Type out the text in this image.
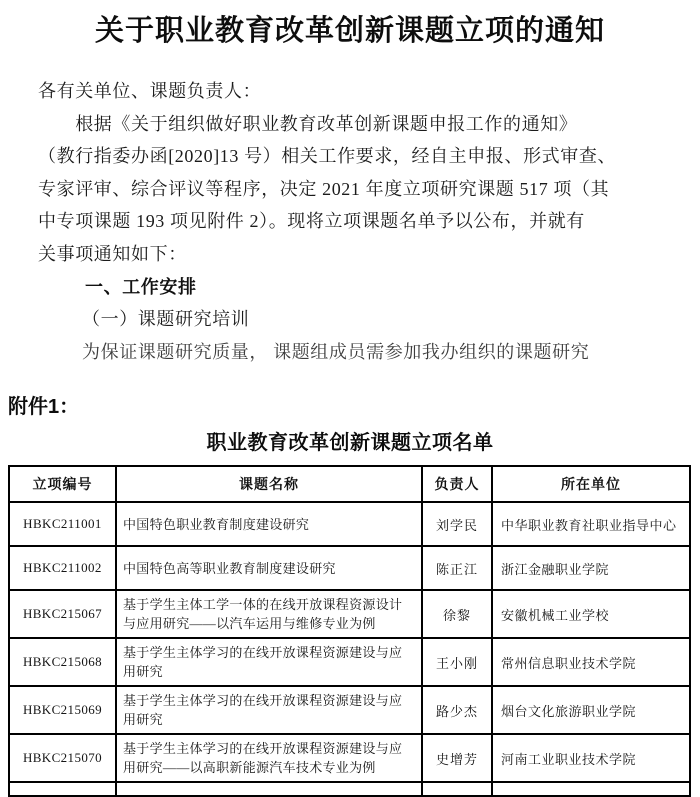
关于职业教育改革创新课题立项的通知
各有关单位、课题负责人：
　　根据《关于组织做好职业教育改革创新课题申报工作的通知》
（教行指委办函[2020]13 号）相关工作要求，经自主申报、形式审查、
专家评审、综合评议等程序，决定 2021 年度立项研究课题 517 项（其
中专项课题 193 项见附件 2）。现将立项课题名单予以公布，并就有
关事项通知如下：
一、工作安排
（一）课题研究培训
为保证课题研究质量， 课题组成员需参加我办组织的课题研究
附件1：
职业教育改革创新课题立项名单
立项编号	课题名称	负责人	所在单位
HBKC211001	中国特色职业教育制度建设研究	刘学民	中华职业教育社职业指导中心
HBKC211002	中国特色高等职业教育制度建设研究	陈正江	浙江金融职业学院
HBKC215067	基于学生主体工学一体的在线开放课程资源设计与应用研究——以汽车运用与维修专业为例	徐黎	安徽机械工业学校
HBKC215068	基于学生主体学习的在线开放课程资源建设与应用研究	王小刚	常州信息职业技术学院
HBKC215069	基于学生主体学习的在线开放课程资源建设与应用研究	路少杰	烟台文化旅游职业学院
HBKC215070	基于学生主体学习的在线开放课程资源建设与应用研究——以高职新能源汽车技术专业为例	史增芳	河南工业职业技术学院
